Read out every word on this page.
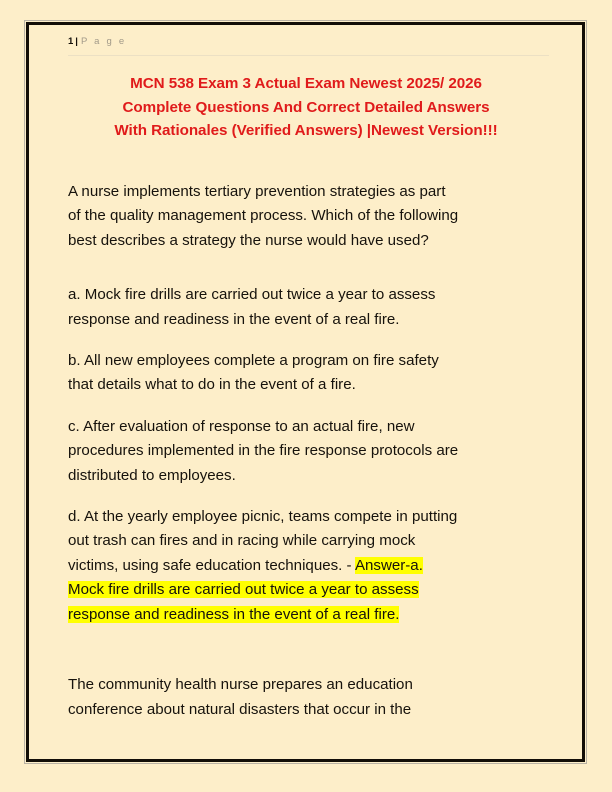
1 | P a g e
MCN 538 Exam 3 Actual Exam Newest 2025/ 2026
Complete Questions And Correct Detailed Answers
With Rationales (Verified Answers) |Newest Version!!!

A nurse implements tertiary prevention strategies as part
of the quality management process. Which of the following
best describes a strategy the nurse would have used?

a. Mock fire drills are carried out twice a year to assess
response and readiness in the event of a real fire.

b. All new employees complete a program on fire safety
that details what to do in the event of a fire.

c. After evaluation of response to an actual fire, new
procedures implemented in the fire response protocols are
distributed to employees.

d. At the yearly employee picnic, teams compete in putting
out trash can fires and in racing while carrying mock
victims, using safe education techniques. - Answer-a.
Mock fire drills are carried out twice a year to assess
response and readiness in the event of a real fire.

The community health nurse prepares an education
conference about natural disasters that occur in the
